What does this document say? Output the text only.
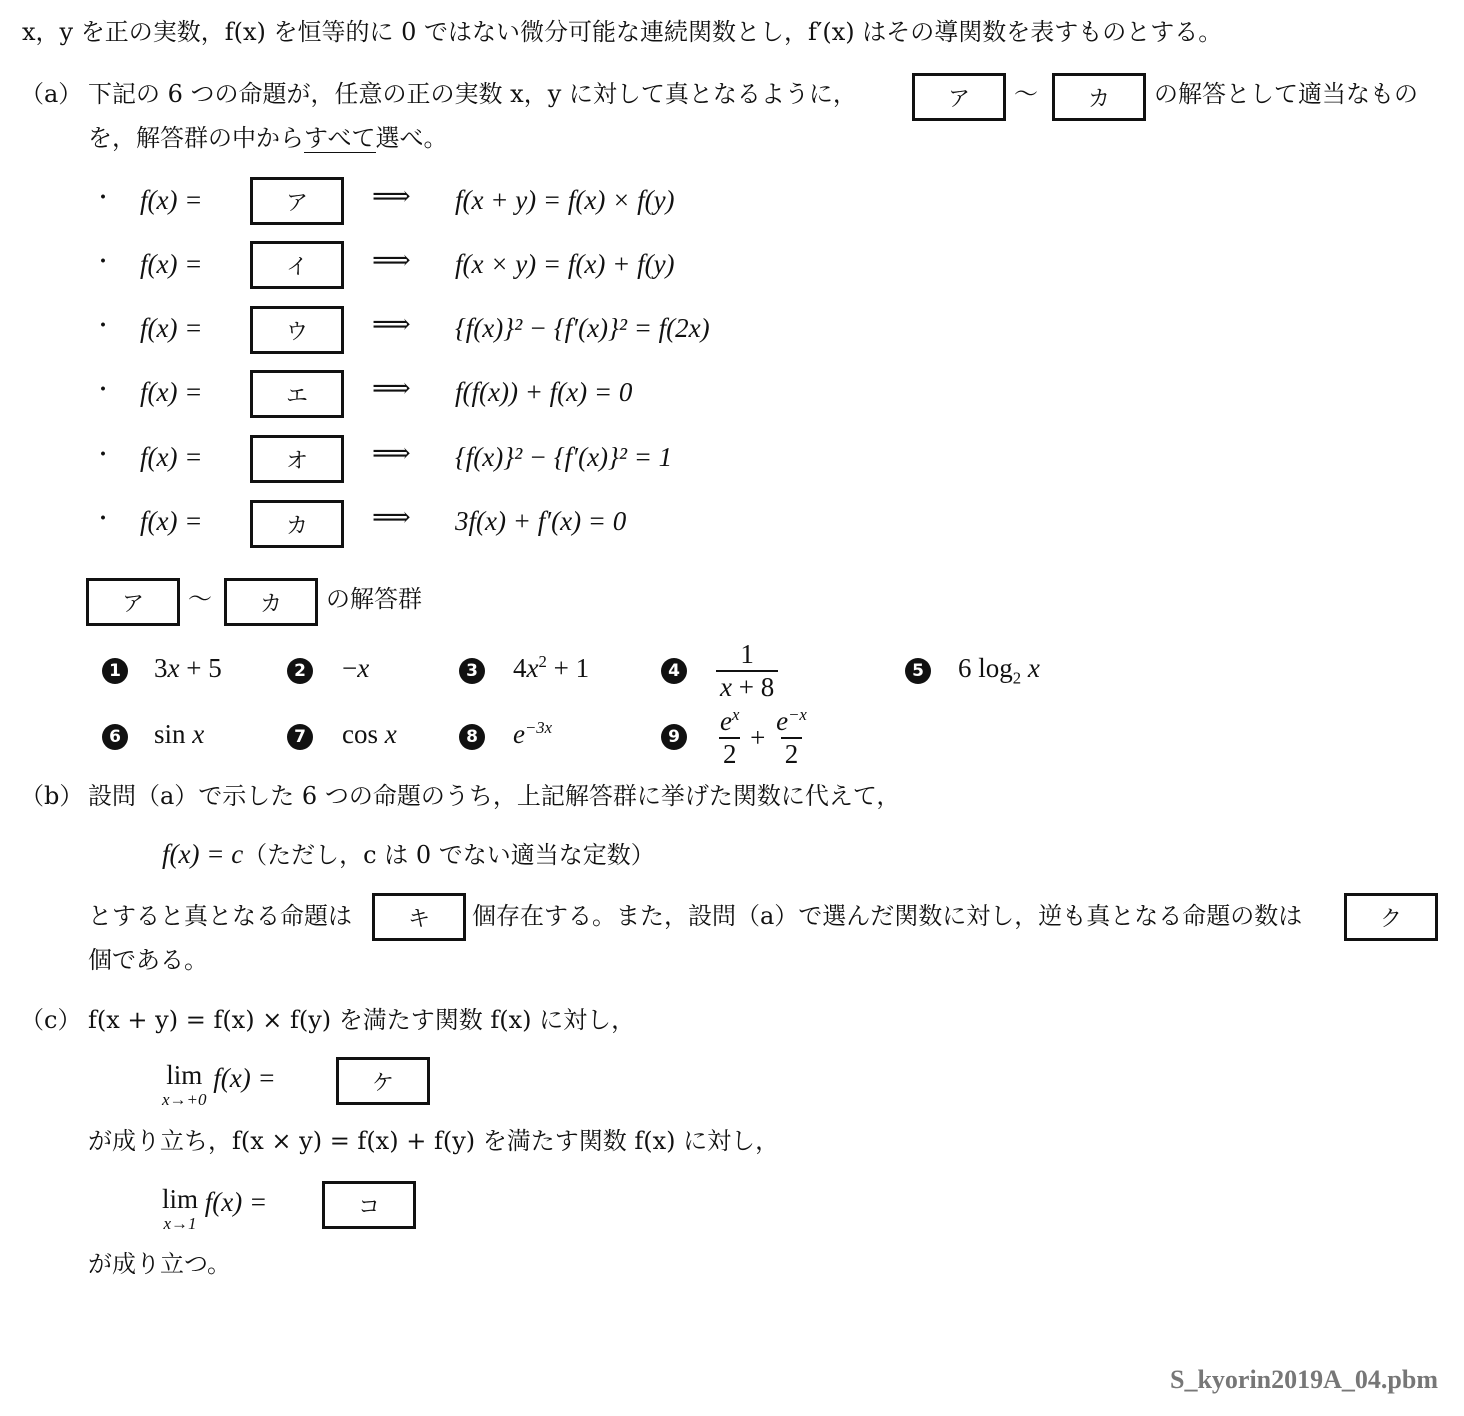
x，y を正の実数，f(x) を恒等的に 0 ではない微分可能な連続関数とし，f′(x) はその導関数を表すものとする。
（a） 下記の 6 つの命題が，任意の正の実数 x，y に対して真となるように，	ア	～	カ	の解答として適当なもの
を，解答群の中からすべて選べ。
・ f(x) =	ア	⟹ f(x + y) = f(x) × f(y)
・ f(x) =	イ	⟹ f(x × y) = f(x) + f(y)
・ f(x) =	ウ	⟹ {f(x)}² − {f′(x)}² = f(2x)
・ f(x) =	エ	⟹ f(f(x)) + f(x) = 0
・ f(x) =	オ	⟹ {f(x)}² − {f′(x)}² = 1
・ f(x) =	カ	⟹ 3f(x) + f′(x) = 0
ア	～	カ	の解答群
1 3x + 5	2 −x	3 $4x^2 + 1$	$4 \frac{1}{x + 8}$	5 6 $\log_2 x$
6 sin x	7 cos x	8 $e^{-3x}$	$9 \frac{e^x}{2} + \frac{e^{-x}}{2}$
（b） 設問（a）で示した 6 つの命題のうち，上記解答群に挙げた関数に代えて，
f(x) = c（ただし，c は 0 でない適当な定数）
とすると真となる命題は	キ	個存在する。また，設問（a）で選んだ関数に対し，逆も真となる命題の数は	ク
個である。
（c） f(x + y) = f(x) × f(y) を満たす関数 f(x) に対し，
lim
x→+0
f(x) =	ケ
が成り立ち，f(x × y) = f(x) + f(y) を満たす関数 f(x) に対し，
lim
x→1
f(x) =	コ
が成り立つ。
S_kyorin2019A_04.pbm
